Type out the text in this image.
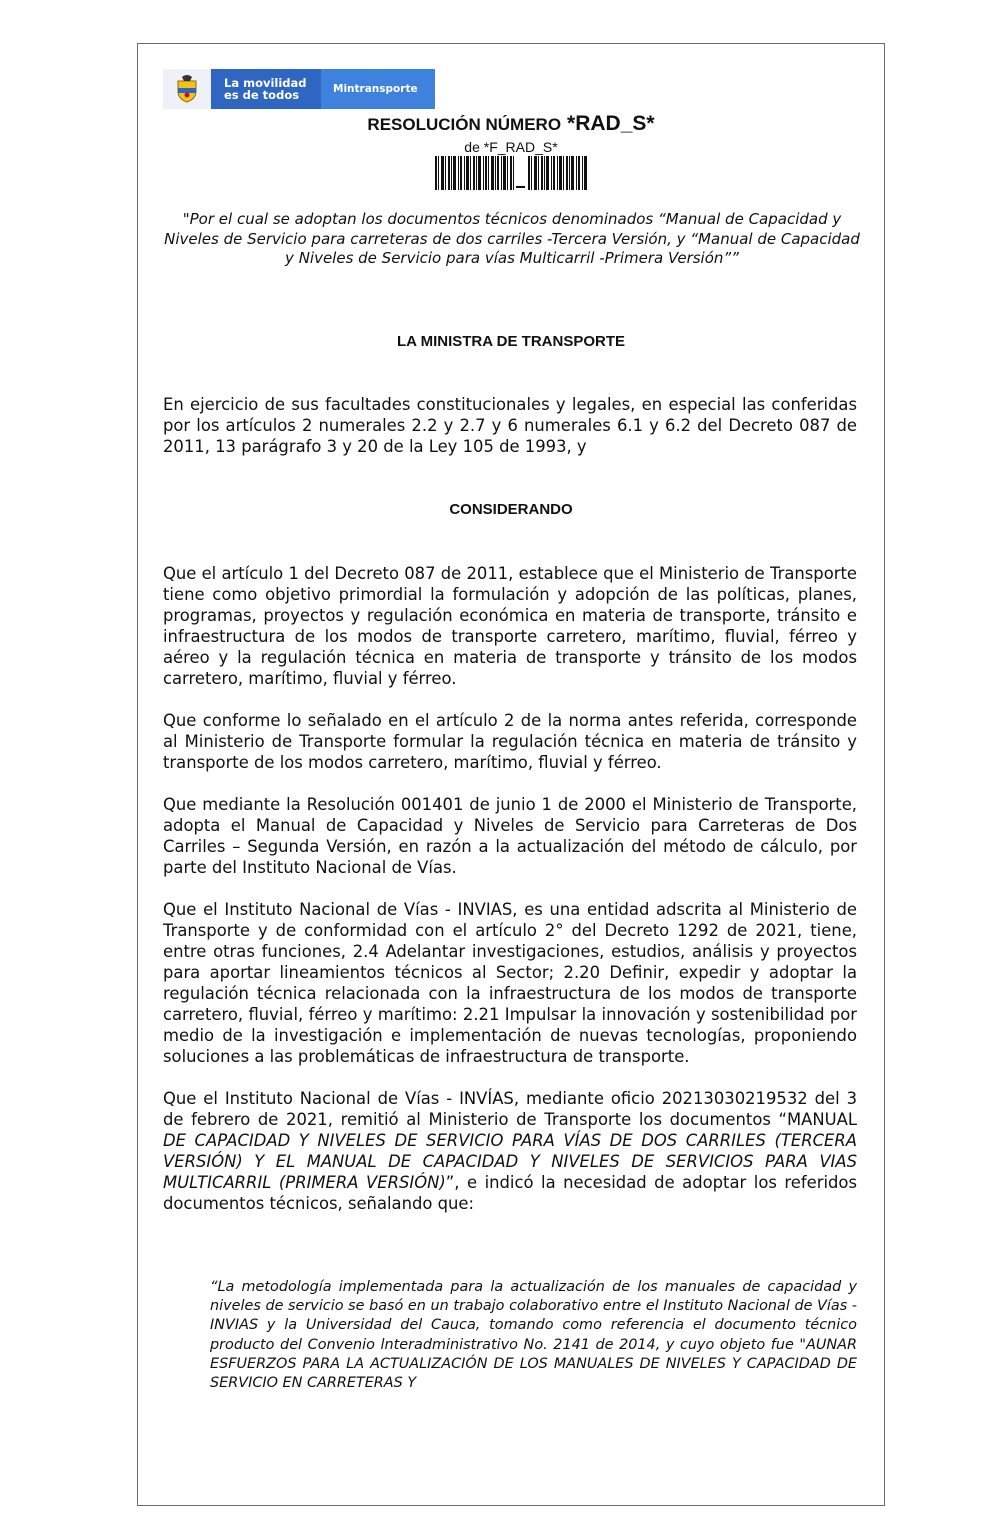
La movilidad
es de todos	Mintransporte
RESOLUCIÓN NÚMERO *RAD_S*
de *F_RAD_S*
"Por el cual se adoptan los documentos técnicos denominados “Manual de Capacidad y Niveles de Servicio para carreteras de dos carriles -Tercera Versión, y “Manual de Capacidad y Niveles de Servicio para vías Multicarril -Primera Versión””
LA MINISTRA DE TRANSPORTE

En ejercicio de sus facultades constitucionales y legales, en especial las conferidas por los artículos 2 numerales 2.2 y 2.7 y 6 numerales 6.1 y 6.2 del Decreto 087 de 2011, 13 parágrafo 3 y 20 de la Ley 105 de 1993, y

CONSIDERANDO

Que el artículo 1 del Decreto 087 de 2011, establece que el Ministerio de Transporte tiene como objetivo primordial la formulación y adopción de las políticas, planes, programas, proyectos y regulación económica en materia de transporte, tránsito e infraestructura de los modos de transporte carretero, marítimo, fluvial, férreo y aéreo y la regulación técnica en materia de transporte y tránsito de los modos carretero, marítimo, fluvial y férreo.

Que conforme lo señalado en el artículo 2 de la norma antes referida, corresponde al Ministerio de Transporte formular la regulación técnica en materia de tránsito y transporte de los modos carretero, marítimo, fluvial y férreo.

Que mediante la Resolución 001401 de junio 1 de 2000 el Ministerio de Transporte, adopta el Manual de Capacidad y Niveles de Servicio para Carreteras de Dos Carriles – Segunda Versión, en razón a la actualización del método de cálculo, por parte del Instituto Nacional de Vías.

Que el Instituto Nacional de Vías - INVIAS, es una entidad adscrita al Ministerio de Transporte y de conformidad con el artículo 2° del Decreto 1292 de 2021, tiene, entre otras funciones, 2.4 Adelantar investigaciones, estudios, análisis y proyectos para aportar lineamientos técnicos al Sector; 2.20 Definir, expedir y adoptar la regulación técnica relacionada con la infraestructura de los modos de transporte carretero, fluvial, férreo y marítimo: 2.21 Impulsar la innovación y sostenibilidad por medio de la investigación e implementación de nuevas tecnologías, proponiendo soluciones a las problemáticas de infraestructura de transporte.

Que el Instituto Nacional de Vías - INVÍAS, mediante oficio 20213030219532 del 3 de febrero de 2021, remitió al Ministerio de Transporte los documentos “MANUAL DE CAPACIDAD Y NIVELES DE SERVICIO PARA VÍAS DE DOS CARRILES (TERCERA VERSIÓN) Y EL MANUAL DE CAPACIDAD Y NIVELES DE SERVICIOS PARA VIAS MULTICARRIL (PRIMERA VERSIÓN)”, e indicó la necesidad de adoptar los referidos documentos técnicos, señalando que:

“La metodología implementada para la actualización de los manuales de capacidad y niveles de servicio se basó en un trabajo colaborativo entre el Instituto Nacional de Vías -INVIAS y la Universidad del Cauca, tomando como referencia el documento técnico producto del Convenio lnteradministrativo No. 2141 de 2014, y cuyo objeto fue "AUNAR ESFUERZOS PARA LA ACTUALIZACIÓN DE LOS MANUALES DE NIVELES Y CAPACIDAD DE SERVICIO EN CARRETERAS Y
